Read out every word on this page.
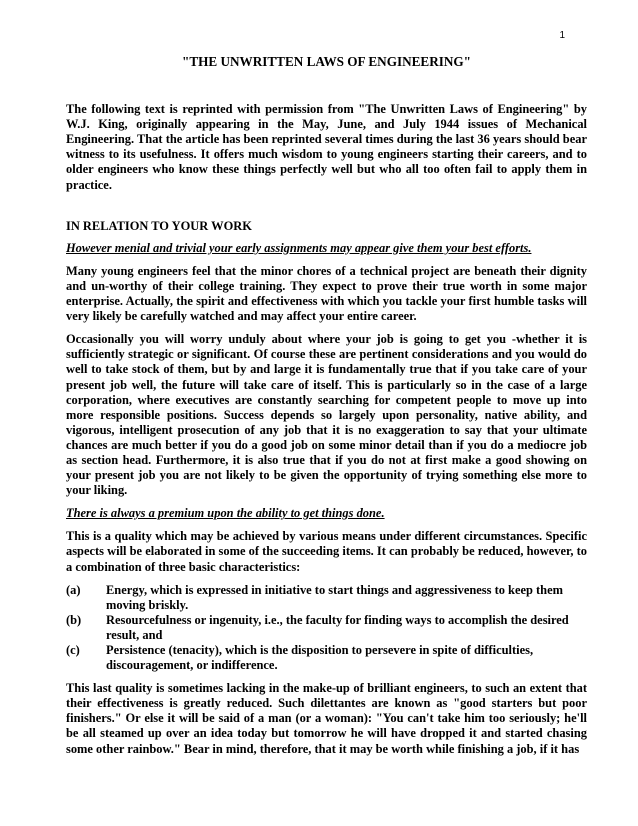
1
"THE UNWRITTEN LAWS OF ENGINEERING"

The following text is reprinted with permission from "The Unwritten Laws of Engineering" by W.J. King, originally appearing in the May, June, and July 1944 issues of Mechanical Engineering. That the article has been reprinted several times during the last 36 years should bear witness to its usefulness. It offers much wisdom to young engineers starting their careers, and to older engineers who know these things perfectly well but who all too often fail to apply them in practice.

IN RELATION TO YOUR WORK

However menial and trivial your early assignments may appear give them your best efforts.

Many young engineers feel that the minor chores of a technical project are beneath their dignity and un-worthy of their college training. They expect to prove their true worth in some major enterprise. Actually, the spirit and effectiveness with which you tackle your first humble tasks will very likely be carefully watched and may affect your entire career.

Occasionally you will worry unduly about where your job is going to get you -whether it is sufficiently strategic or significant. Of course these are pertinent considerations and you would do well to take stock of them, but by and large it is fundamentally true that if you take care of your present job well, the future will take care of itself. This is particularly so in the case of a large corporation, where executives are constantly searching for competent people to move up into more responsible positions. Success depends so largely upon personality, native ability, and vigorous, intelligent prosecution of any job that it is no exaggeration to say that your ultimate chances are much better if you do a good job on some minor detail than if you do a mediocre job as section head. Furthermore, it is also true that if you do not at first make a good showing on your present job you are not likely to be given the opportunity of trying something else more to your liking.

There is always a premium upon the ability to get things done.

This is a quality which may be achieved by various means under different circumstances. Specific aspects will be elaborated in some of the succeeding items. It can probably be reduced, however, to a combination of three basic characteristics:

(a)	Energy, which is expressed in initiative to start things and aggressiveness to keep them moving briskly.
(b)	Resourcefulness or ingenuity, i.e., the faculty for finding ways to accomplish the desired result, and
(c)	Persistence (tenacity), which is the disposition to persevere in spite of difficulties, discouragement, or indifference.

This last quality is sometimes lacking in the make-up of brilliant engineers, to such an extent that their effectiveness is greatly reduced. Such dilettantes are known as "good starters but poor finishers." Or else it will be said of a man (or a woman): "You can't take him too seriously; he'll be all steamed up over an idea today but tomorrow he will have dropped it and started chasing some other rainbow." Bear in mind, therefore, that it may be worth while finishing a job, if it has
